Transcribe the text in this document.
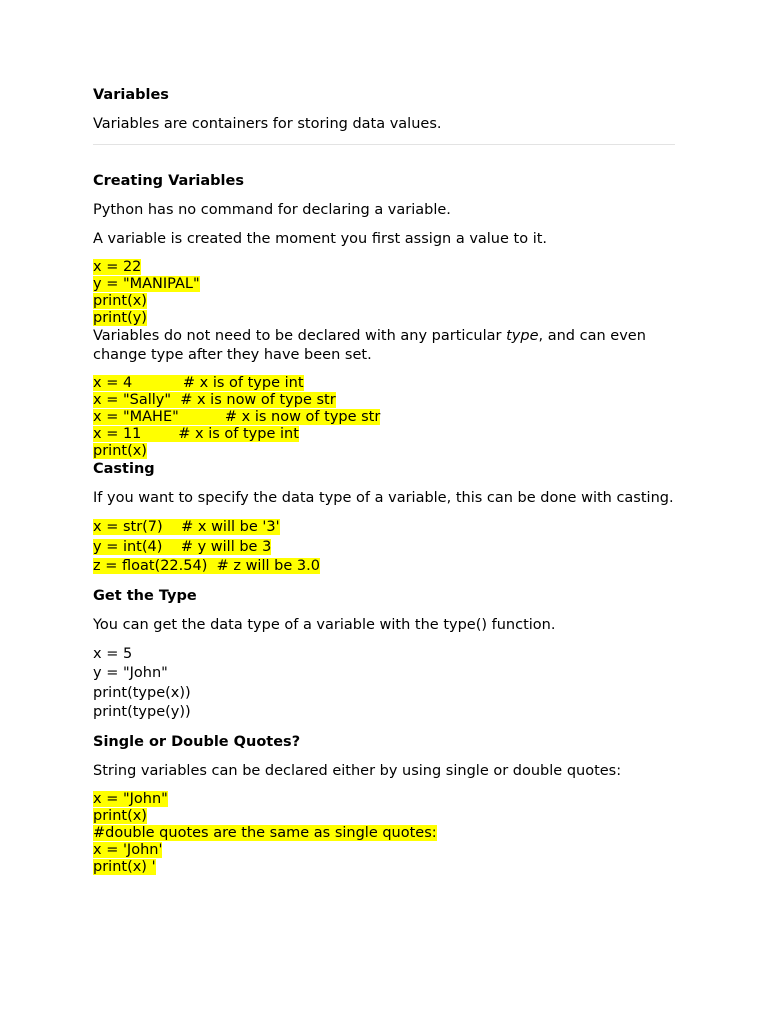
Variables

Variables are containers for storing data values.

Creating Variables

Python has no command for declaring a variable.

A variable is created the moment you first assign a value to it.

x = 22
y = "MANIPAL"
print(x)
print(y)

Variables do not need to be declared with any particular type, and can even change type after they have been set.

x = 4           # x is of type int
x = "Sally"  # x is now of type str
x = "MAHE"          # x is now of type str
x = 11        # x is of type int
print(x)
Casting

If you want to specify the data type of a variable, this can be done with casting.

x = str(7)    # x will be '3'
y = int(4)    # y will be 3
z = float(22.54)  # z will be 3.0
Get the Type

You can get the data type of a variable with the type() function.

x = 5
y = "John"
print(type(x))
print(type(y))
Single or Double Quotes?

String variables can be declared either by using single or double quotes:

x = "John"
print(x)
#double quotes are the same as single quotes:
x = 'John'
print(x) '
